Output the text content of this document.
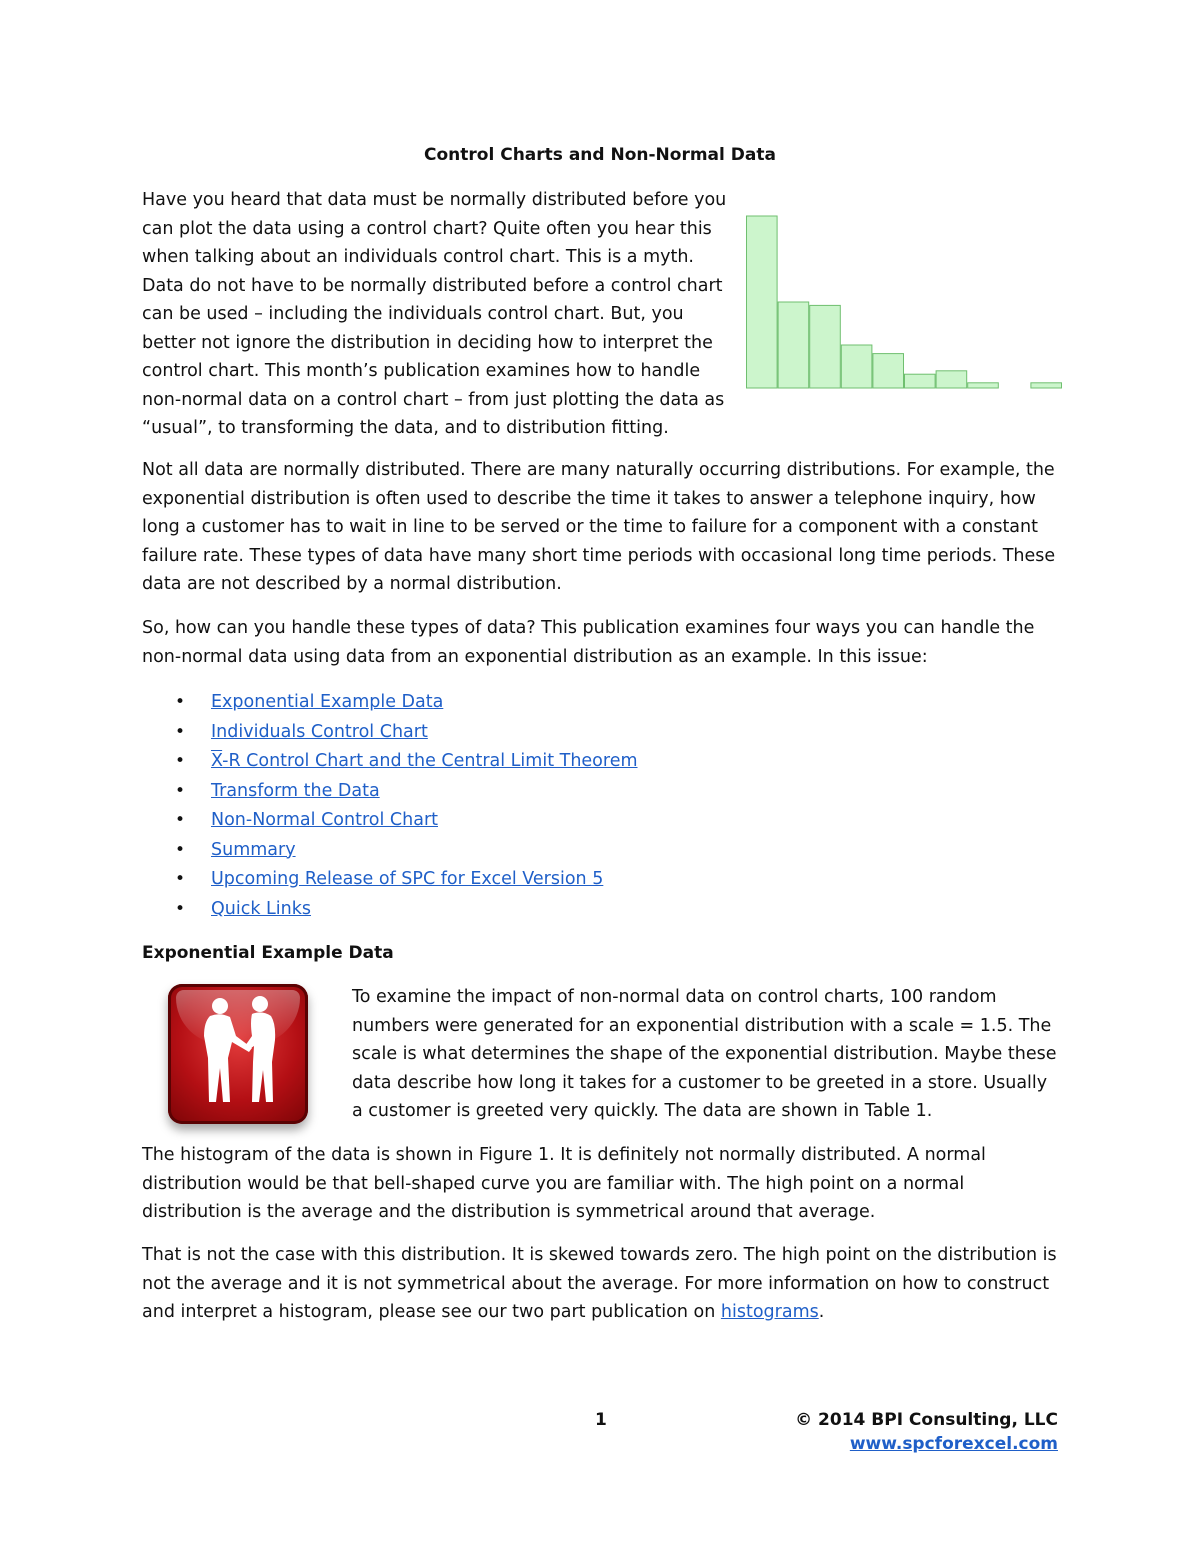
Control Charts and Non-Normal Data

Have you heard that data must be normally distributed before you can plot the data using a control chart? Quite often you hear this when talking about an individuals control chart. This is a myth. Data do not have to be normally distributed before a control chart can be used – including the individuals control chart. But, you better not ignore the distribution in deciding how to interpret the control chart. This month’s publication examines how to handle non-normal data on a control chart – from just plotting the data as “usual”, to transforming the data, and to distribution fitting.

Not all data are normally distributed. There are many naturally occurring distributions. For example, the exponential distribution is often used to describe the time it takes to answer a telephone inquiry, how long a customer has to wait in line to be served or the time to failure for a component with a constant failure rate. These types of data have many short time periods with occasional long time periods. These data are not described by a normal distribution.

So, how can you handle these types of data? This publication examines four ways you can handle the non-normal data using data from an exponential distribution as an example. In this issue:

• Exponential Example Data
• Individuals Control Chart
• X-R Control Chart and the Central Limit Theorem
• Transform the Data
• Non-Normal Control Chart
• Summary
• Upcoming Release of SPC for Excel Version 5
• Quick Links
Exponential Example Data

To examine the impact of non-normal data on control charts, 100 random numbers were generated for an exponential distribution with a scale = 1.5. The scale is what determines the shape of the exponential distribution. Maybe these data describe how long it takes for a customer to be greeted in a store. Usually a customer is greeted very quickly. The data are shown in Table 1.

The histogram of the data is shown in Figure 1. It is definitely not normally distributed. A normal distribution would be that bell-shaped curve you are familiar with. The high point on a normal distribution is the average and the distribution is symmetrical around that average.

That is not the case with this distribution. It is skewed towards zero. The high point on the distribution is not the average and it is not symmetrical about the average. For more information on how to construct and interpret a histogram, please see our two part publication on histograms.

1	© 2014 BPI Consulting, LLC
www.spcforexcel.com
